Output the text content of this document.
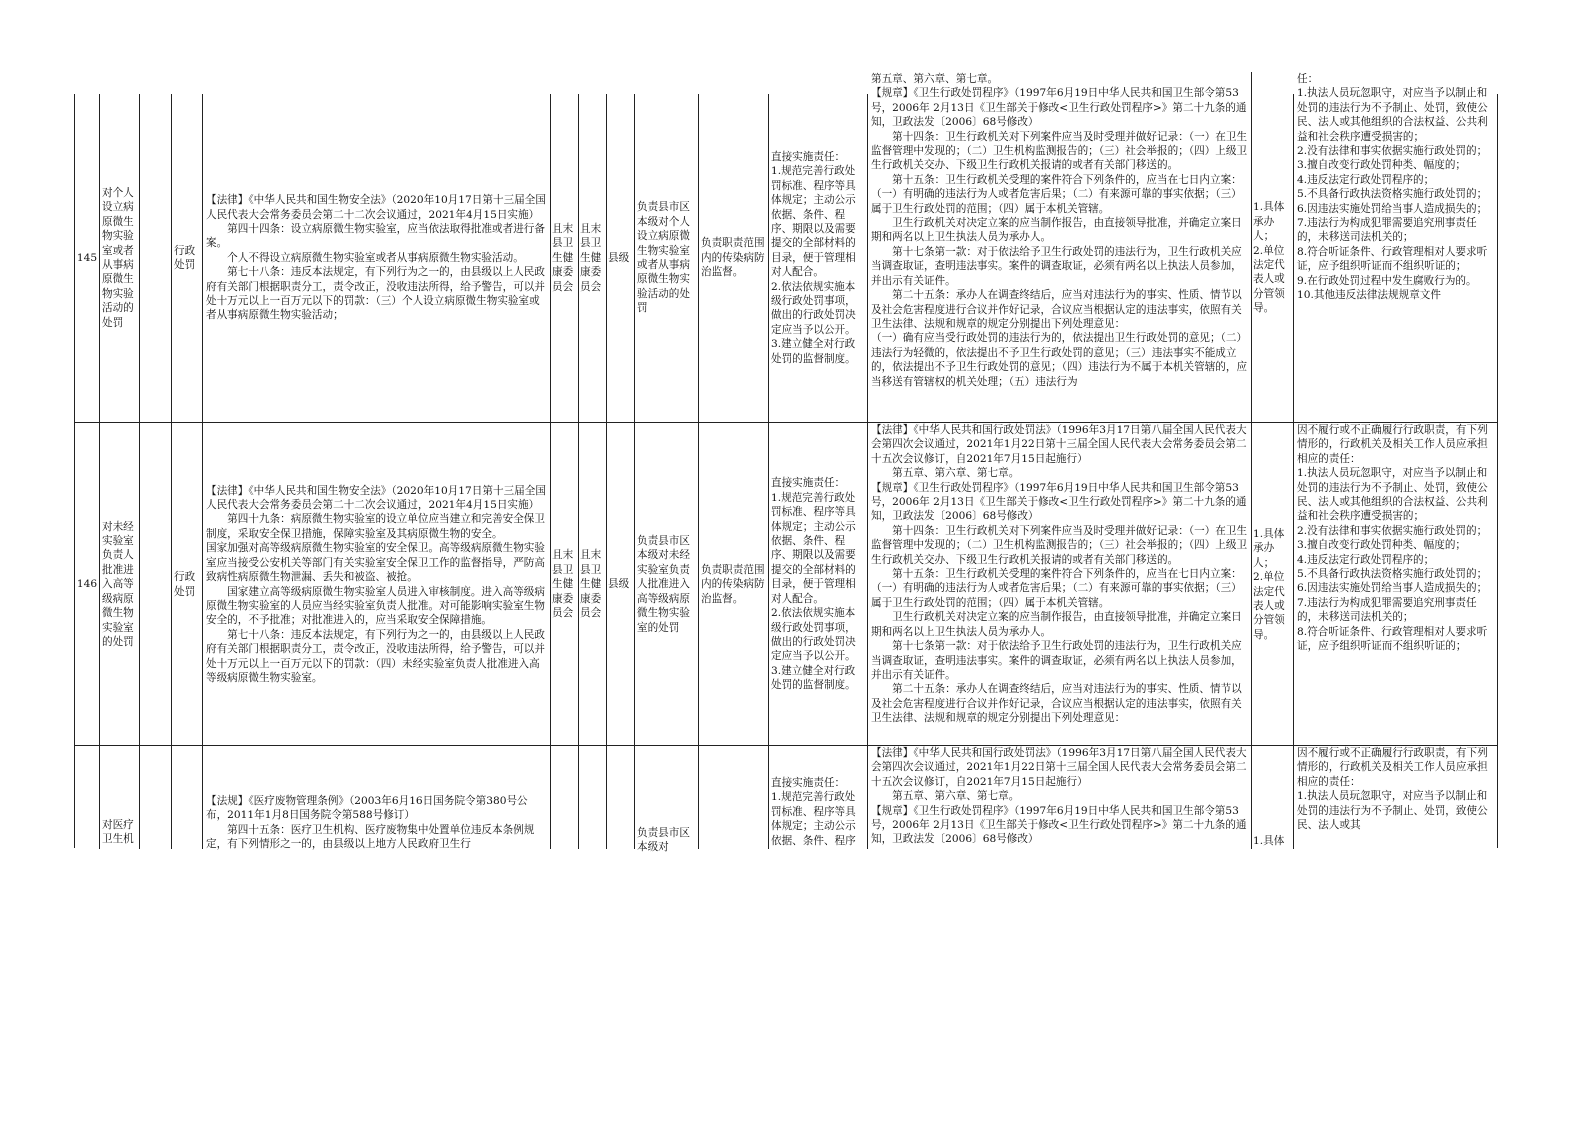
145
对个人设立病原微生物实验室或者从事病原微生物实验活动的处罚
行政处罚
【法律】《中华人民共和国生物安全法》（2020年10月17日第十三届全国人民代表大会常务委员会第二十二次会议通过，2021年4月15日实施）
　　第四十四条：设立病原微生物实验室，应当依法取得批准或者进行备案。
　　个人不得设立病原微生物实验室或者从事病原微生物实验活动。
　　第七十八条：违反本法规定，有下列行为之一的，由县级以上人民政府有关部门根据职责分工，责令改正，没收违法所得，给予警告，可以并处十万元以上一百万元以下的罚款：（三）个人设立病原微生物实验室或者从事病原微生物实验活动；
且末县卫生健康委员会
且末县卫生健康委员会
县级
负责县市区本级对个人设立病原微生物实验室或者从事病原微生物实验活动的处罚
负责职责范围内的传染病防治监督。
直接实施责任：
1.规范完善行政处罚标准、程序等具体规定；主动公示依据、条件、程序、期限以及需要提交的全部材料的目录，便于管理相对人配合。
2.依法依规实施本级行政处罚事项，做出的行政处罚决定应当予以公开。
3.建立健全对行政处罚的监督制度。
第五章、第六章、第七章。
【规章】《卫生行政处罚程序》（1997年6月19日中华人民共和国卫生部令第53号，2006年 2月13日《卫生部关于修改<卫生行政处罚程序>》第二十九条的通知，卫政法发〔2006〕68号修改）
　　第十四条：卫生行政机关对下列案件应当及时受理并做好记录：（一）在卫生监督管理中发现的；（二）卫生机构监测报告的；（三）社会举报的；（四）上级卫生行政机关交办、下级卫生行政机关报请的或者有关部门移送的。
　　第十五条：卫生行政机关受理的案件符合下列条件的，应当在七日内立案：（一）有明确的违法行为人或者危害后果；（二）有来源可靠的事实依据；（三）属于卫生行政处罚的范围；（四）属于本机关管辖。
　　卫生行政机关对决定立案的应当制作报告，由直接领导批准，并确定立案日期和两名以上卫生执法人员为承办人。
　　第十七条第一款：对于依法给予卫生行政处罚的违法行为，卫生行政机关应当调查取证，查明违法事实。案件的调查取证，必须有两名以上执法人员参加，并出示有关证件。
　　第二十五条：承办人在调查终结后，应当对违法行为的事实、性质、情节以及社会危害程度进行合议并作好记录，合议应当根据认定的违法事实，依照有关卫生法律、法规和规章的规定分别提出下列处理意见：
（一）确有应当受行政处罚的违法行为的，依法提出卫生行政处罚的意见；（二）违法行为轻微的，依法提出不予卫生行政处罚的意见；（三）违法事实不能成立的，依法提出不予卫生行政处罚的意见；（四）违法行为不属于本机关管辖的，应当移送有管辖权的机关处理；（五）违法行为
1.具体承办人；
2.单位法定代表人或分管领导。
任：
1.执法人员玩忽职守，对应当予以制止和处罚的违法行为不予制止、处罚，致使公民、法人或其他组织的合法权益、公共利益和社会秩序遭受损害的；
2.没有法律和事实依据实施行政处罚的；
3.擅自改变行政处罚种类、幅度的；
4.违反法定行政处罚程序的；
5.不具备行政执法资格实施行政处罚的；
6.因违法实施处罚给当事人造成损失的；
7.违法行为构成犯罪需要追究刑事责任的，未移送司法机关的；
8.符合听证条件、行政管理相对人要求听证，应予组织听证而不组织听证的；
9.在行政处罚过程中发生腐败行为的。
10.其他违反法律法规规章文件
146
对未经实验室负责人批准进入高等级病原微生物实验室的处罚
行政处罚
【法律】《中华人民共和国生物安全法》（2020年10月17日第十三届全国人民代表大会常务委员会第二十二次会议通过，2021年4月15日实施）
　　第四十九条：病原微生物实验室的设立单位应当建立和完善安全保卫制度，采取安全保卫措施，保障实验室及其病原微生物的安全。
国家加强对高等级病原微生物实验室的安全保卫。高等级病原微生物实验室应当接受公安机关等部门有关实验室安全保卫工作的监督指导，严防高致病性病原微生物泄漏、丢失和被盗、被抢。
　　国家建立高等级病原微生物实验室人员进入审核制度。进入高等级病原微生物实验室的人员应当经实验室负责人批准。对可能影响实验室生物安全的，不予批准；对批准进入的，应当采取安全保障措施。
　　第七十八条：违反本法规定，有下列行为之一的，由县级以上人民政府有关部门根据职责分工，责令改正，没收违法所得，给予警告，可以并处十万元以上一百万元以下的罚款：（四）未经实验室负责人批准进入高等级病原微生物实验室。
且末县卫生健康委员会
且末县卫生健康委员会
县级
负责县市区本级对未经实验室负责人批准进入高等级病原微生物实验室的处罚
负责职责范围内的传染病防治监督。
直接实施责任：
1.规范完善行政处罚标准、程序等具体规定；主动公示依据、条件、程序、期限以及需要提交的全部材料的目录，便于管理相对人配合。
2.依法依规实施本级行政处罚事项，做出的行政处罚决定应当予以公开。
3.建立健全对行政处罚的监督制度。
【法律】《中华人民共和国行政处罚法》（1996年3月17日第八届全国人民代表大会第四次会议通过，2021年1月22日第十三届全国人民代表大会常务委员会第二十五次会议修订，自2021年7月15日起施行）
　　第五章、第六章、第七章。
【规章】《卫生行政处罚程序》（1997年6月19日中华人民共和国卫生部令第53号，2006年 2月13日《卫生部关于修改<卫生行政处罚程序>》第二十九条的通知，卫政法发〔2006〕68号修改）
　　第十四条：卫生行政机关对下列案件应当及时受理并做好记录：（一）在卫生监督管理中发现的；（二）卫生机构监测报告的；（三）社会举报的；（四）上级卫生行政机关交办、下级卫生行政机关报请的或者有关部门移送的。
　　第十五条：卫生行政机关受理的案件符合下列条件的，应当在七日内立案：（一）有明确的违法行为人或者危害后果；（二）有来源可靠的事实依据；（三）属于卫生行政处罚的范围；（四）属于本机关管辖。
　　卫生行政机关对决定立案的应当制作报告，由直接领导批准，并确定立案日期和两名以上卫生执法人员为承办人。
　　第十七条第一款：对于依法给予卫生行政处罚的违法行为，卫生行政机关应当调查取证，查明违法事实。案件的调查取证，必须有两名以上执法人员参加，并出示有关证件。
　　第二十五条：承办人在调查终结后，应当对违法行为的事实、性质、情节以及社会危害程度进行合议并作好记录，合议应当根据认定的违法事实，依照有关卫生法律、法规和规章的规定分别提出下列处理意见：
1.具体承办人；
2.单位法定代表人或分管领导。
因不履行或不正确履行行政职责，有下列情形的，行政机关及相关工作人员应承担相应的责任：
1.执法人员玩忽职守，对应当予以制止和处罚的违法行为不予制止、处罚，致使公民、法人或其他组织的合法权益、公共利益和社会秩序遭受损害的；
2.没有法律和事实依据实施行政处罚的；
3.擅自改变行政处罚种类、幅度的；
4.违反法定行政处罚程序的；
5.不具备行政执法资格实施行政处罚的；
6.因违法实施处罚给当事人造成损失的；
7.违法行为构成犯罪需要追究刑事责任的，未移送司法机关的；
8.符合听证条件、行政管理相对人要求听证，应予组织听证而不组织听证的；
对医疗卫生机
【法规】《医疗废物管理条例》（2003年6月16日国务院令第380号公布，2011年1月8日国务院令第588号修订）
　　第四十五条：医疗卫生机构、医疗废物集中处置单位违反本条例规定，有下列情形之一的，由县级以上地方人民政府卫生行
负责县市区本级对
直接实施责任：
1.规范完善行政处罚标准、程序等具体规定；主动公示依据、条件、程序
【法律】《中华人民共和国行政处罚法》（1996年3月17日第八届全国人民代表大会第四次会议通过，2021年1月22日第十三届全国人民代表大会常务委员会第二十五次会议修订，自2021年7月15日起施行）
　　第五章、第六章、第七章。
【规章】《卫生行政处罚程序》（1997年6月19日中华人民共和国卫生部令第53号，2006年 2月13日《卫生部关于修改<卫生行政处罚程序>》第二十九条的通知，卫政法发〔2006〕68号修改）	1.具体
因不履行或不正确履行行政职责，有下列情形的，行政机关及相关工作人员应承担相应的责任：
1.执法人员玩忽职守，对应当予以制止和处罚的违法行为不予制止、处罚，致使公民、法人或其
